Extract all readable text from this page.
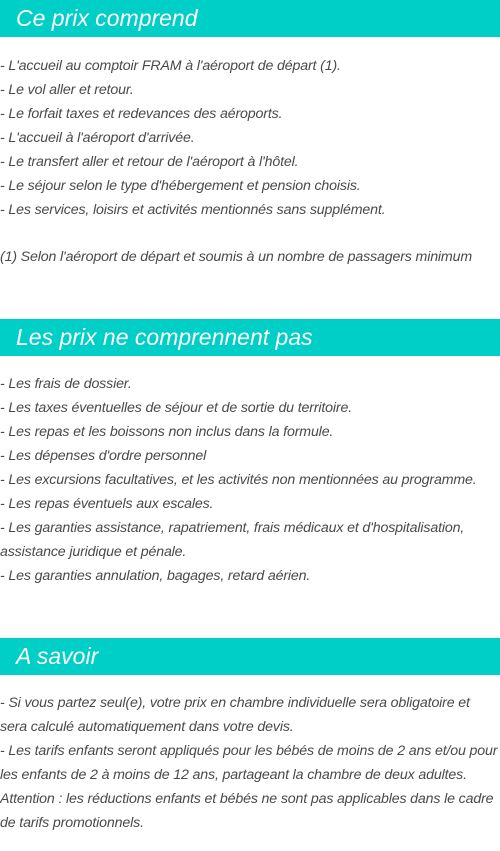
Ce prix comprend
- L'accueil au comptoir FRAM à l'aéroport de départ (1).
- Le vol aller et retour.
- Le forfait taxes et redevances des aéroports.
- L'accueil à l'aéroport d'arrivée.
- Le transfert aller et retour de l'aéroport à l'hôtel.
- Le séjour selon le type d'hébergement et pension choisis.
- Les services, loisirs et activités mentionnés sans supplément.
(1) Selon l'aéroport de départ et soumis à un nombre de passagers minimum
Les prix ne comprennent pas
- Les frais de dossier.
- Les taxes éventuelles de séjour et de sortie du territoire.
- Les repas et les boissons non inclus dans la formule.
- Les dépenses d'ordre personnel
- Les excursions facultatives, et les activités non mentionnées au programme.
- Les repas éventuels aux escales.
- Les garanties assistance, rapatriement, frais médicaux et d'hospitalisation,
assistance juridique et pénale.
- Les garanties annulation, bagages, retard aérien.
A savoir
- Si vous partez seul(e), votre prix en chambre individuelle sera obligatoire et
sera calculé automatiquement dans votre devis.
- Les tarifs enfants seront appliqués pour les bébés de moins de 2 ans et/ou pour
les enfants de 2 à moins de 12 ans, partageant la chambre de deux adultes.
Attention : les réductions enfants et bébés ne sont pas applicables dans le cadre
de tarifs promotionnels.
